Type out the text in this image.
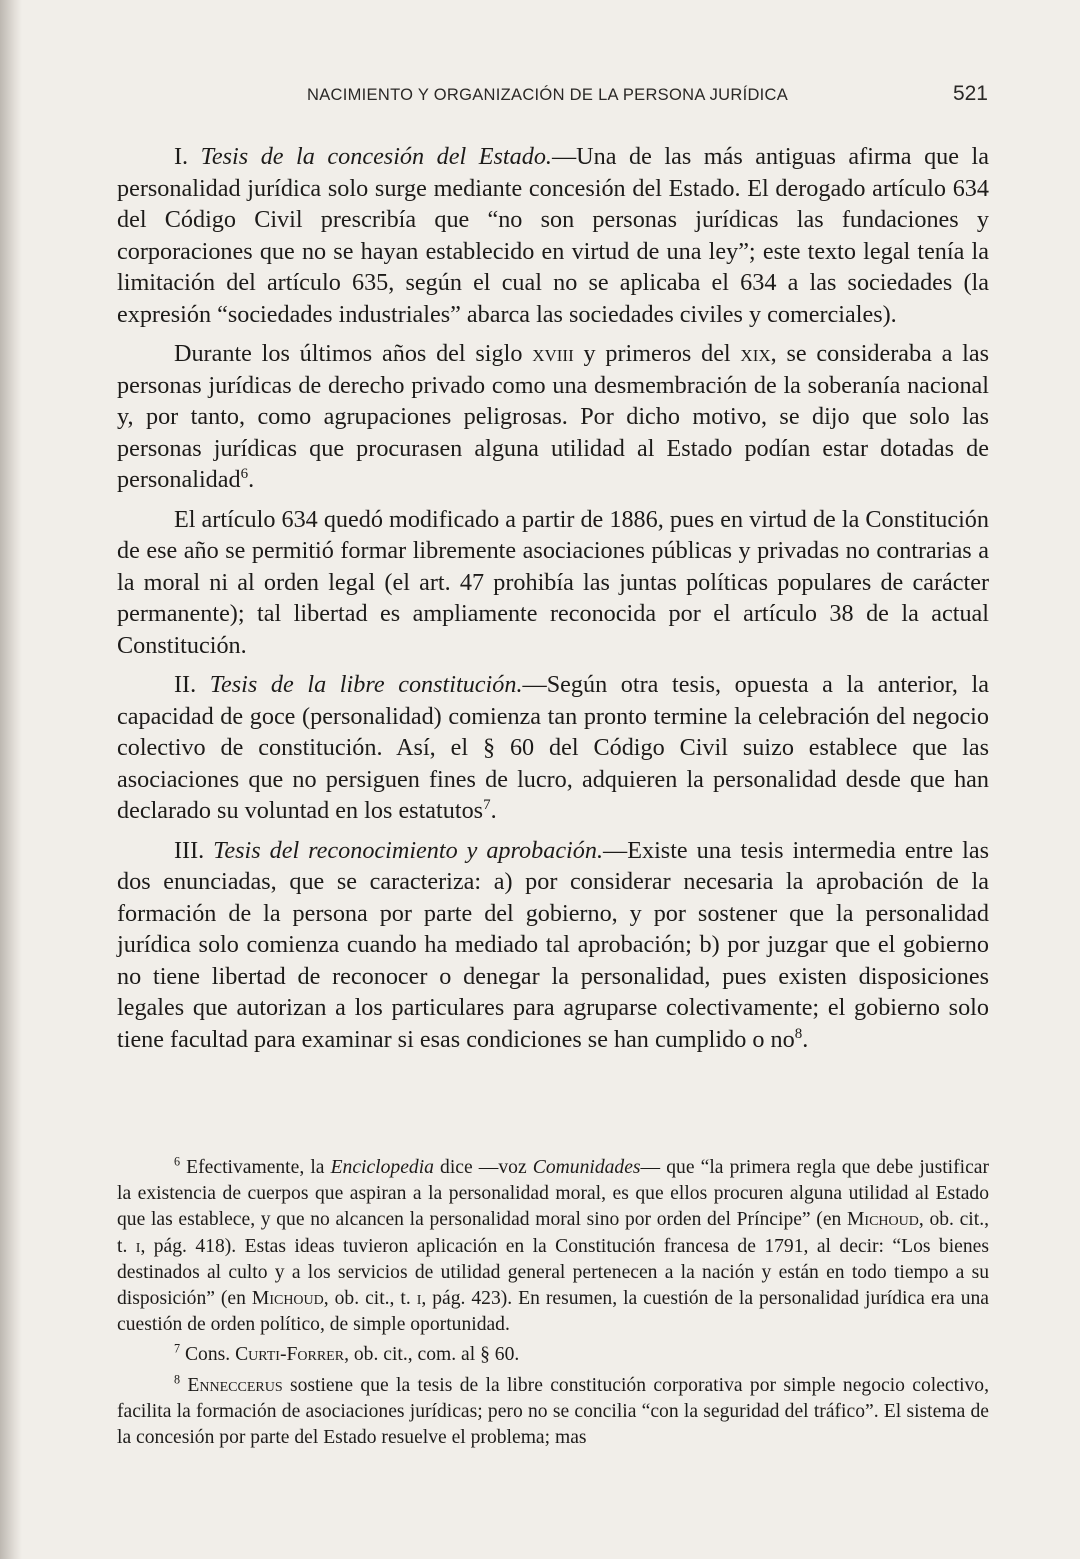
NACIMIENTO Y ORGANIZACIÓN DE LA PERSONA JURÍDICA	521

I. Tesis de la concesión del Estado.—Una de las más antiguas afirma que la personalidad jurídica solo surge mediante concesión del Estado. El derogado artículo 634 del Código Civil prescribía que “no son personas jurídicas las fundaciones y corporaciones que no se hayan establecido en virtud de una ley”; este texto legal tenía la limitación del artículo 635, según el cual no se aplicaba el 634 a las sociedades (la expresión “sociedades industriales” abarca las sociedades civiles y comerciales).

Durante los últimos años del siglo xviii y primeros del xix, se consideraba a las personas jurídicas de derecho privado como una desmembración de la soberanía nacional y, por tanto, como agrupaciones peligrosas. Por dicho motivo, se dijo que solo las personas jurídicas que procurasen alguna utilidad al Estado podían estar dotadas de personalidad$^6$.

El artículo 634 quedó modificado a partir de 1886, pues en virtud de la Constitución de ese año se permitió formar libremente asociaciones públicas y privadas no contrarias a la moral ni al orden legal (el art. 47 prohibía las juntas políticas populares de carácter permanente); tal libertad es ampliamente reconocida por el artículo 38 de la actual Constitución.

II. Tesis de la libre constitución.—Según otra tesis, opuesta a la anterior, la capacidad de goce (personalidad) comienza tan pronto termine la celebración del negocio colectivo de constitución. Así, el § 60 del Código Civil suizo establece que las asociaciones que no persiguen fines de lucro, adquieren la personalidad desde que han declarado su voluntad en los estatutos$^7$.

III. Tesis del reconocimiento y aprobación.—Existe una tesis intermedia entre las dos enunciadas, que se caracteriza: a) por considerar necesaria la aprobación de la formación de la persona por parte del gobierno, y por sostener que la personalidad jurídica solo comienza cuando ha mediado tal aprobación; b) por juzgar que el gobierno no tiene libertad de reconocer o denegar la personalidad, pues existen disposiciones legales que autorizan a los particulares para agruparse colectivamente; el gobierno solo tiene facultad para examinar si esas condiciones se han cumplido o $no^8$.

$^6$ Efectivamente, la Enciclopedia dice —voz Comunidades— que “la primera regla que debe justificar la existencia de cuerpos que aspiran a la personalidad moral, es que ellos procuren alguna utilidad al Estado que las establece, y que no alcancen la personalidad moral sino por orden del Príncipe” (en Michoud, ob. cit., t. i, pág. 418). Estas ideas tuvieron aplicación en la Constitución francesa de 1791, al decir: “Los bienes destinados al culto y a los servicios de utilidad general pertenecen a la nación y están en todo tiempo a su disposición” (en Michoud, ob. cit., t. i, pág. 423). En resumen, la cuestión de la personalidad jurídica era una cuestión de orden político, de simple oportunidad.

$^7$ Cons. Curti-Forrer, ob. cit., com. al § 60.

$^8$ Enneccerus sostiene que la tesis de la libre constitución corporativa por simple negocio colectivo, facilita la formación de asociaciones jurídicas; pero no se concilia “con la seguridad del tráfico”. El sistema de la concesión por parte del Estado resuelve el problema; mas
